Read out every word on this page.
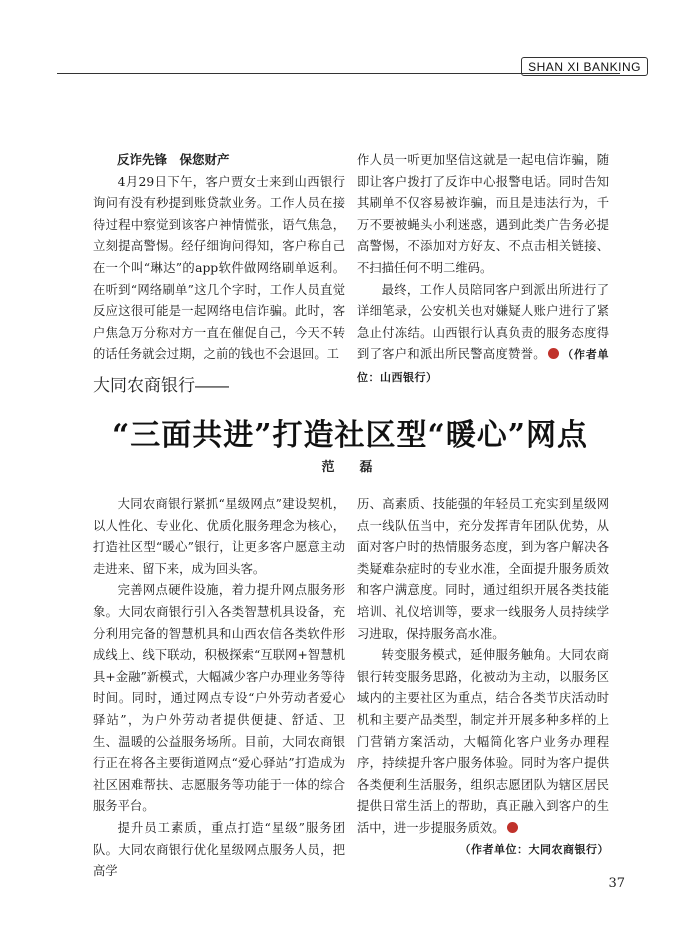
SHAN XI BANKING

反诈先锋　保您财产

4月29日下午，客户贾女士来到山西银行询问有没有秒提到账贷款业务。工作人员在接待过程中察觉到该客户神情慌张，语气焦急，立刻提高警惕。经仔细询问得知，客户称自己在一个叫“琳达”的app软件做网络刷单返利。在听到“网络刷单”这几个字时，工作人员直觉反应这很可能是一起网络电信诈骗。此时，客户焦急万分称对方一直在催促自己，今天不转的话任务就会过期，之前的钱也不会退回。工

作人员一听更加坚信这就是一起电信诈骗，随即让客户拨打了反诈中心报警电话。同时告知其刷单不仅容易被诈骗，而且是违法行为，千万不要被蝇头小利迷惑，遇到此类广告务必提高警惕，不添加对方好友、不点击相关链接、不扫描任何不明二维码。

最终，工作人员陪同客户到派出所进行了详细笔录，公安机关也对嫌疑人账户进行了紧急止付冻结。山西银行认真负责的服务态度得到了客户和派出所民警高度赞誉。 （作者单位：山西银行）

大同农商银行——
“三面共进”打造社区型“暖心”网点
范　磊

大同农商银行紧抓“星级网点”建设契机，以人性化、专业化、优质化服务理念为核心，打造社区型“暖心”银行，让更多客户愿意主动走进来、留下来，成为回头客。

完善网点硬件设施，着力提升网点服务形象。大同农商银行引入各类智慧机具设备，充分利用完备的智慧机具和山西农信各类软件形成线上、线下联动，积极探索“互联网+智慧机具+金融”新模式，大幅减少客户办理业务等待时间。同时，通过网点专设“户外劳动者爱心驿站”，为户外劳动者提供便捷、舒适、卫生、温暖的公益服务场所。目前，大同农商银行正在将各主要街道网点“爱心驿站”打造成为社区困难帮扶、志愿服务等功能于一体的综合服务平台。

提升员工素质，重点打造“星级”服务团队。大同农商银行优化星级网点服务人员，把高学

历、高素质、技能强的年轻员工充实到星级网点一线队伍当中，充分发挥青年团队优势，从面对客户时的热情服务态度，到为客户解决各类疑难杂症时的专业水准，全面提升服务质效和客户满意度。同时，通过组织开展各类技能培训、礼仪培训等，要求一线服务人员持续学习进取，保持服务高水准。

转变服务模式，延伸服务触角。大同农商银行转变服务思路，化被动为主动，以服务区域内的主要社区为重点，结合各类节庆活动时机和主要产品类型，制定并开展多种多样的上门营销方案活动，大幅简化客户业务办理程序，持续提升客户服务体验。同时为客户提供各类便利生活服务，组织志愿团队为辖区居民提供日常生活上的帮助，真正融入到客户的生活中，进一步提服务质效。

（作者单位：大同农商银行）

37
